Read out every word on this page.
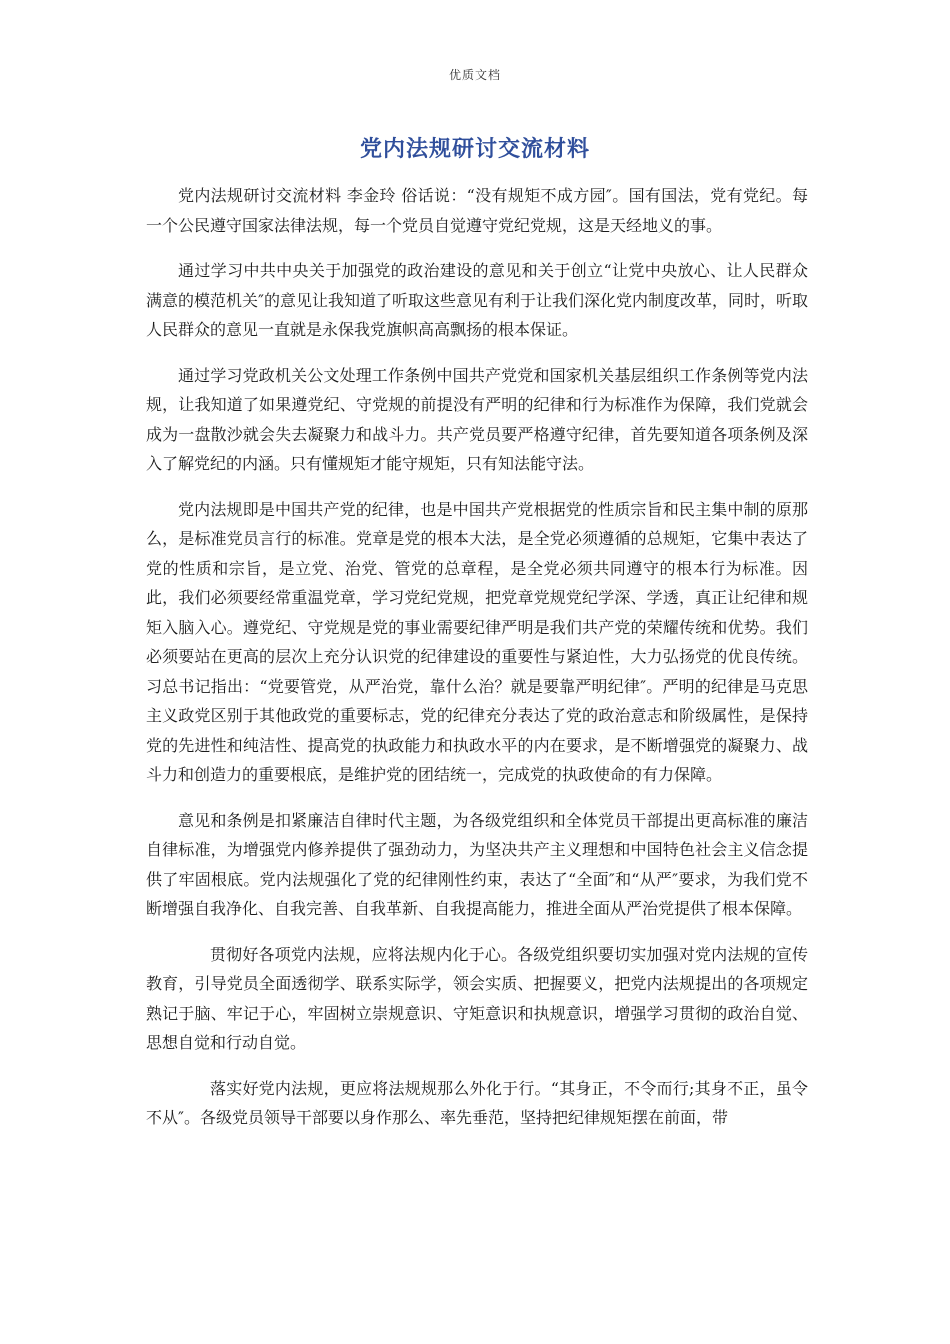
优质文档
党内法规研讨交流材料

党内法规研讨交流材料 李金玲 俗话说：“没有规矩不成方园″。国有国法，党有党纪。每一个公民遵守国家法律法规，每一个党员自觉遵守党纪党规，这是天经地义的事。

通过学习中共中央关于加强党的政治建设的意见和关于创立“让党中央放心、让人民群众满意的模范机关″的意见让我知道了听取这些意见有利于让我们深化党内制度改革，同时，听取人民群众的意见一直就是永保我党旗帜高高飘扬的根本保证。

通过学习党政机关公文处理工作条例中国共产党党和国家机关基层组织工作条例等党内法规，让我知道了如果遵党纪、守党规的前提没有严明的纪律和行为标准作为保障，我们党就会成为一盘散沙就会失去凝聚力和战斗力。共产党员要严格遵守纪律，首先要知道各项条例及深入了解党纪的内涵。只有懂规矩才能守规矩，只有知法能守法。

党内法规即是中国共产党的纪律，也是中国共产党根据党的性质宗旨和民主集中制的原那么，是标准党员言行的标准。党章是党的根本大法，是全党必须遵循的总规矩，它集中表达了党的性质和宗旨，是立党、治党、管党的总章程，是全党必须共同遵守的根本行为标准。因此，我们必须要经常重温党章，学习党纪党规，把党章党规党纪学深、学透，真正让纪律和规矩入脑入心。遵党纪、守党规是党的事业需要纪律严明是我们共产党的荣耀传统和优势。我们必须要站在更高的层次上充分认识党的纪律建设的重要性与紧迫性，大力弘扬党的优良传统。习总书记指出：“党要管党，从严治党，靠什么治？就是要靠严明纪律″。严明的纪律是马克思主义政党区别于其他政党的重要标志，党的纪律充分表达了党的政治意志和阶级属性，是保持党的先进性和纯洁性、提高党的执政能力和执政水平的内在要求，是不断增强党的凝聚力、战斗力和创造力的重要根底，是维护党的团结统一，完成党的执政使命的有力保障。

意见和条例是扣紧廉洁自律时代主题，为各级党组织和全体党员干部提出更高标准的廉洁自律标准，为增强党内修养提供了强劲动力，为坚决共产主义理想和中国特色社会主义信念提供了牢固根底。党内法规强化了党的纪律刚性约束，表达了“全面″和“从严″要求，为我们党不断增强自我净化、自我完善、自我革新、自我提高能力，推进全面从严治党提供了根本保障。

贯彻好各项党内法规，应将法规内化于心。各级党组织要切实加强对党内法规的宣传教育，引导党员全面透彻学、联系实际学，领会实质、把握要义，把党内法规提出的各项规定熟记于脑、牢记于心，牢固树立崇规意识、守矩意识和执规意识，增强学习贯彻的政治自觉、思想自觉和行动自觉。

落实好党内法规，更应将法规规那么外化于行。“其身正，不令而行;其身不正，虽令不从″。各级党员领导干部要以身作那么、率先垂范，坚持把纪律规矩摆在前面，带
